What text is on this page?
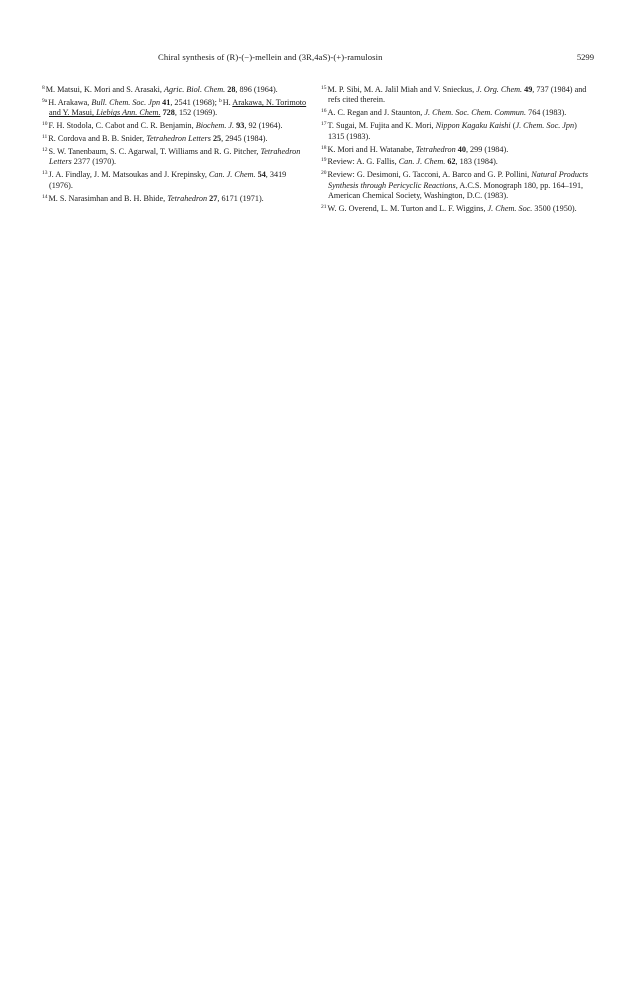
Chiral synthesis of (R)-(−)-mellein and (3R,4aS)-(+)-ramulosin	5299

$^8$M. Matsui, K. Mori and S. Arasaki, Agric. Biol. Chem. 28, 896 (1964).

$^{9a}$H. Arakawa, Bull. Chem. Soc. Jpn 41, 2541 (1968); $^b$H. Arakawa, N. Torimoto and Y. Masui, Liebigs Ann. Chem. 728, 152 (1969).

$^{10}$F. H. Stodola, C. Cabot and C. R. Benjamin, Biochem. J. 93, 92 (1964).

$^{11}$R. Cordova and B. B. Snider, Tetrahedron Letters 25, 2945 (1984).

$^{12}$S. W. Tanenbaum, S. C. Agarwal, T. Williams and R. G. Pitcher, Tetrahedron Letters 2377 (1970).

$^{13}$J. A. Findlay, J. M. Matsoukas and J. Krepinsky, Can. J. Chem. 54, 3419 (1976).

$^{14}$M. S. Narasimhan and B. H. Bhide, Tetrahedron 27, 6171 (1971).

$^{15}$M. P. Sibi, M. A. Jalil Miah and V. Snieckus, J. Org. Chem. 49, 737 (1984) and refs cited therein.

$^{16}$A. C. Regan and J. Staunton, J. Chem. Soc. Chem. Commun. 764 (1983).

$^{17}$T. Sugai, M. Fujita and K. Mori, Nippon Kagaku Kaishi (J. Chem. Soc. Jpn) 1315 (1983).

$^{18}$K. Mori and H. Watanabe, Tetrahedron 40, 299 (1984).

$^{19}$Review: A. G. Fallis, Can. J. Chem. 62, 183 (1984).

$^{20}$Review: G. Desimoni, G. Tacconi, A. Barco and G. P. Pollini, Natural Products Synthesis through Pericyclic Reactions, A.C.S. Monograph 180, pp. 164–191, American Chemical Society, Washington, D.C. (1983).

$^{21}$W. G. Overend, L. M. Turton and L. F. Wiggins, J. Chem. Soc. 3500 (1950).
